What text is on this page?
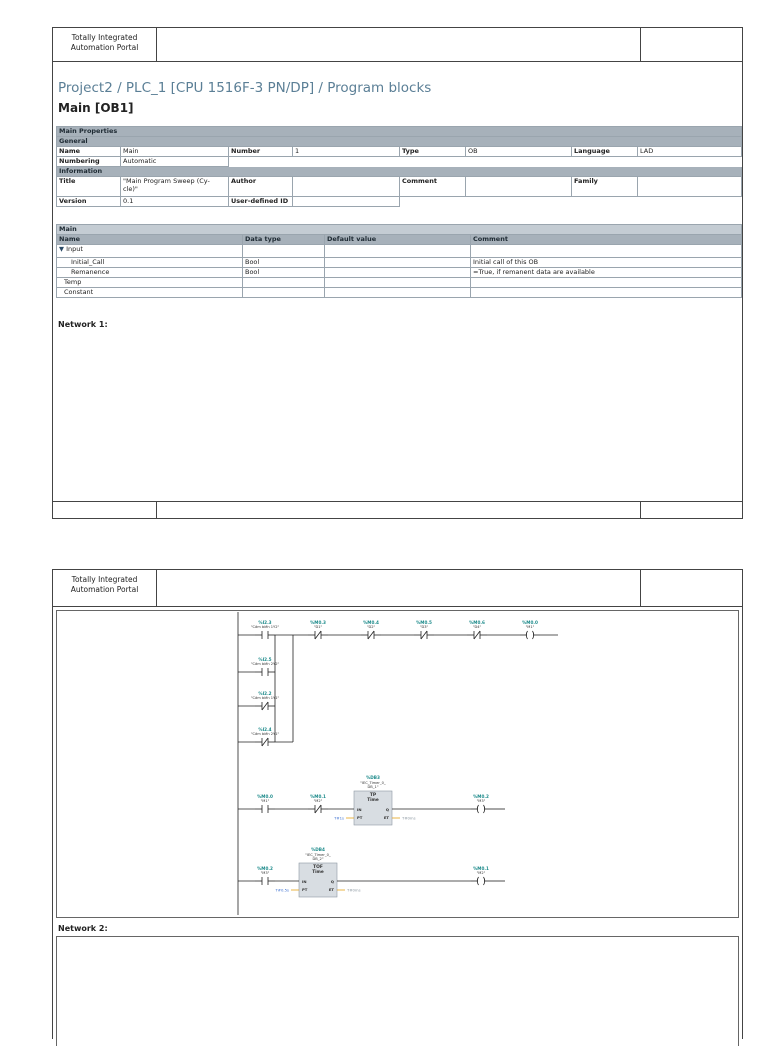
Totally Integrated
Automation Portal
Project2 / PLC_1 [CPU 1516F-3 PN/DP] / Program blocks
Main [OB1]
Main Properties							
General							
Name	Main	Number	1	Type	OB	Language	LAD
Numbering	Automatic						
Information							
Title	"Main Program Sweep (Cy- cle)"	Author		Comment		Family	
Version	0.1	User-defined ID					
Main			
Name	Data type	Default value	Comment
▼ Input			
Initial_Call	Bool		Initial call of this OB
Remanence	Bool		=True, if remanent data are available
Temp			
Constant			
Network 1:
Totally Integrated
Automation Portal
Network 2:
%I2.3
"Cảm biến 1Y2"
%M0.3
"D1"
%M0.4
"D2"
%M0.5
"D3"
%M0.6
"D4"
%M0.0
"M1"
%I2.5
"Cảm biến 2Y2"
%I2.2
"Cảm biến 1Y1"
%I2.4
"Cảm biến 2Y1"
%M0.0
"M1"
%M0.1
"M2"
%DB3
"IEC_Timer_0_
DB_1"
TP
Time
IN	Q
PT	ET
T#1s	T#0ms
%M0.2
"M3"
%M0.2
"M3"
%DB4
"IEC_Timer_0_
DB_2"
TOF
Time
IN	Q
PT	ET
T#0.5s	T#0ms
%M0.1
"M2"
